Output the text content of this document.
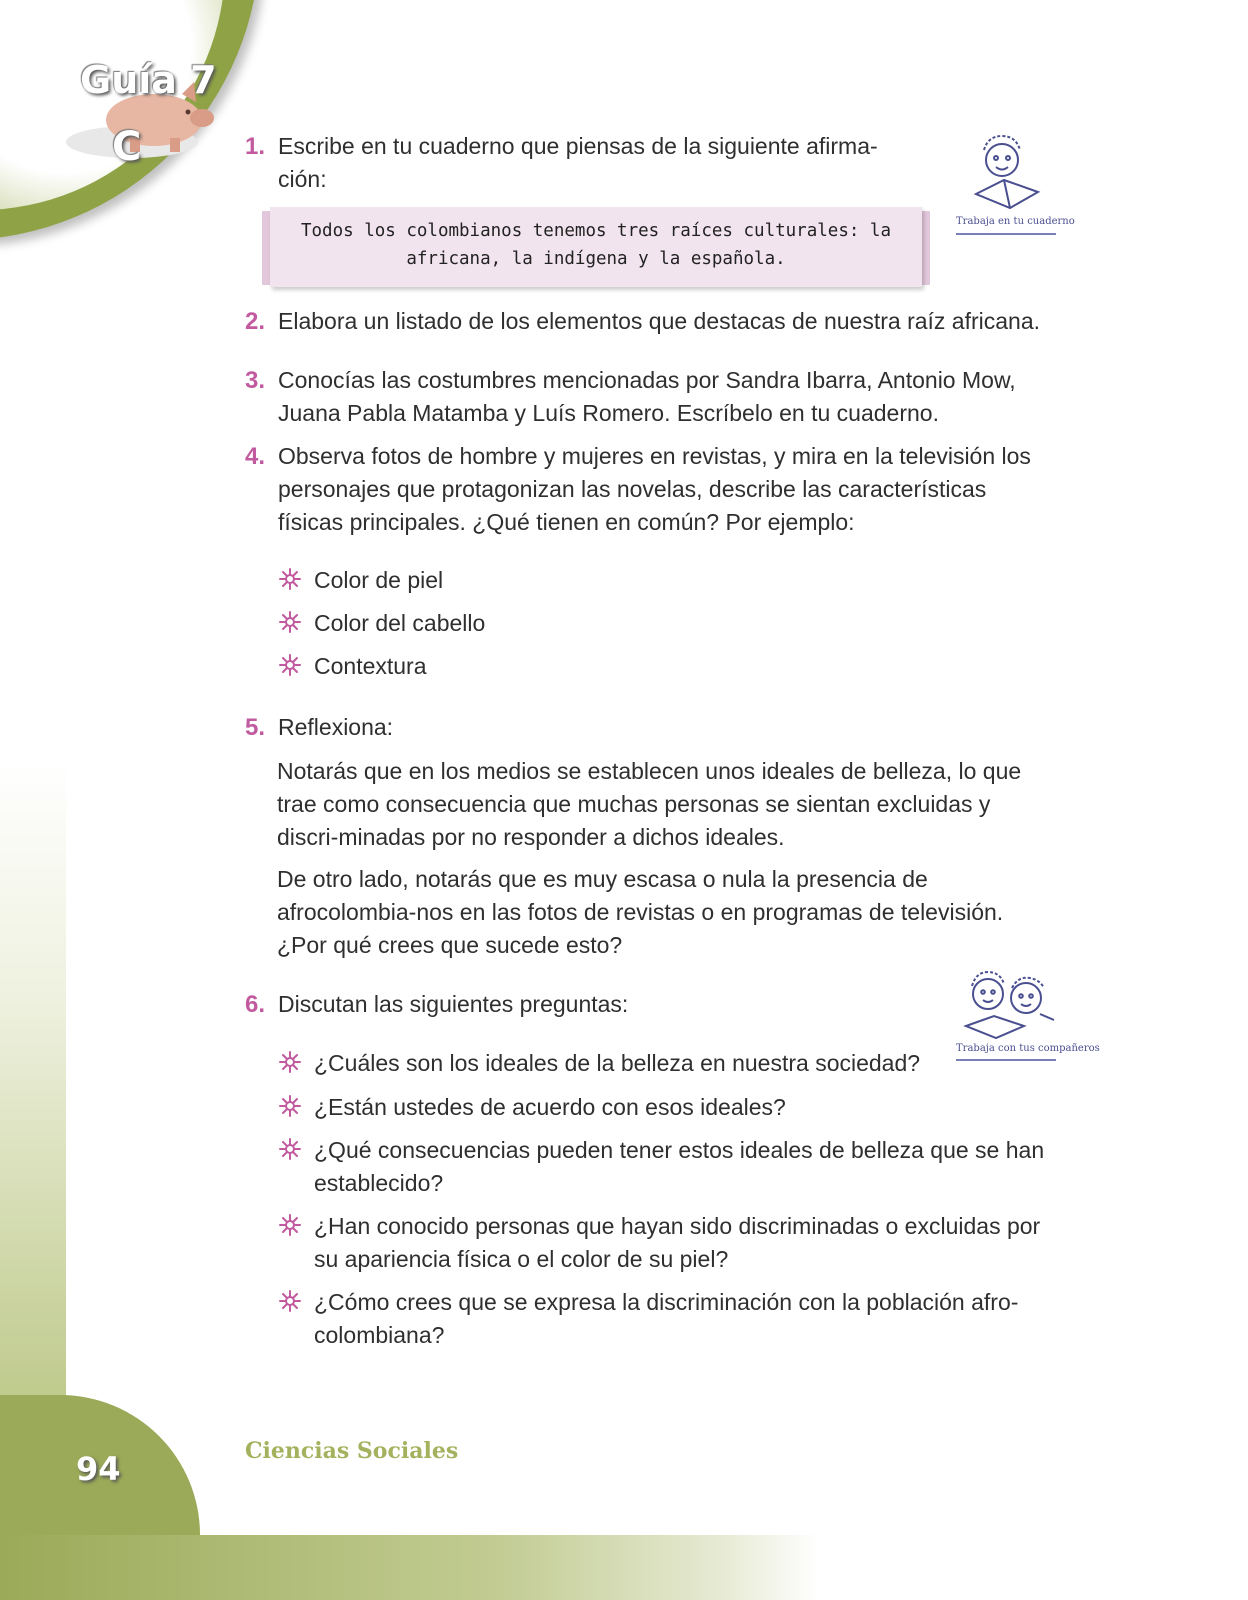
Guía 7

C	1. Escribe en tu cuaderno que piensas de la siguiente afirma-
ción:

Todos los colombianos tenemos tres raíces culturales: la africana, la indígena y la española.

Trabaja en tu cuaderno

2. Elabora un listado de los elementos que destacas de nuestra raíz africana.
3. Conocías las costumbres mencionadas por Sandra Ibarra, Antonio Mow, Juana Pabla Matamba y Luís Romero. Escríbelo en tu cuaderno.
4. Observa fotos de hombre y mujeres en revistas, y mira en la televisión los personajes que protagonizan las novelas, describe las características físicas principales. ¿Qué tienen en común? Por ejemplo:
Color de piel
Color del cabello
Contextura
5. Reflexiona:

Notarás que en los medios se establecen unos ideales de belleza, lo que trae como consecuencia que muchas personas se sientan excluidas y discri-minadas por no responder a dichos ideales.

De otro lado, notarás que es muy escasa o nula la presencia de afrocolombia-nos en las fotos de revistas o en programas de televisión. ¿Por qué crees que sucede esto?

6. Discutan las siguientes preguntas:

Trabaja con tus compañeros

¿Cuáles son los ideales de la belleza en nuestra sociedad?
¿Están ustedes de acuerdo con esos ideales?
¿Qué consecuencias pueden tener estos ideales de belleza que se han establecido?
¿Han conocido personas que hayan sido discriminadas o excluidas por su apariencia física o el color de su piel?
¿Cómo crees que se expresa la discriminación con la población afro-colombiana?

94	Ciencias Sociales
